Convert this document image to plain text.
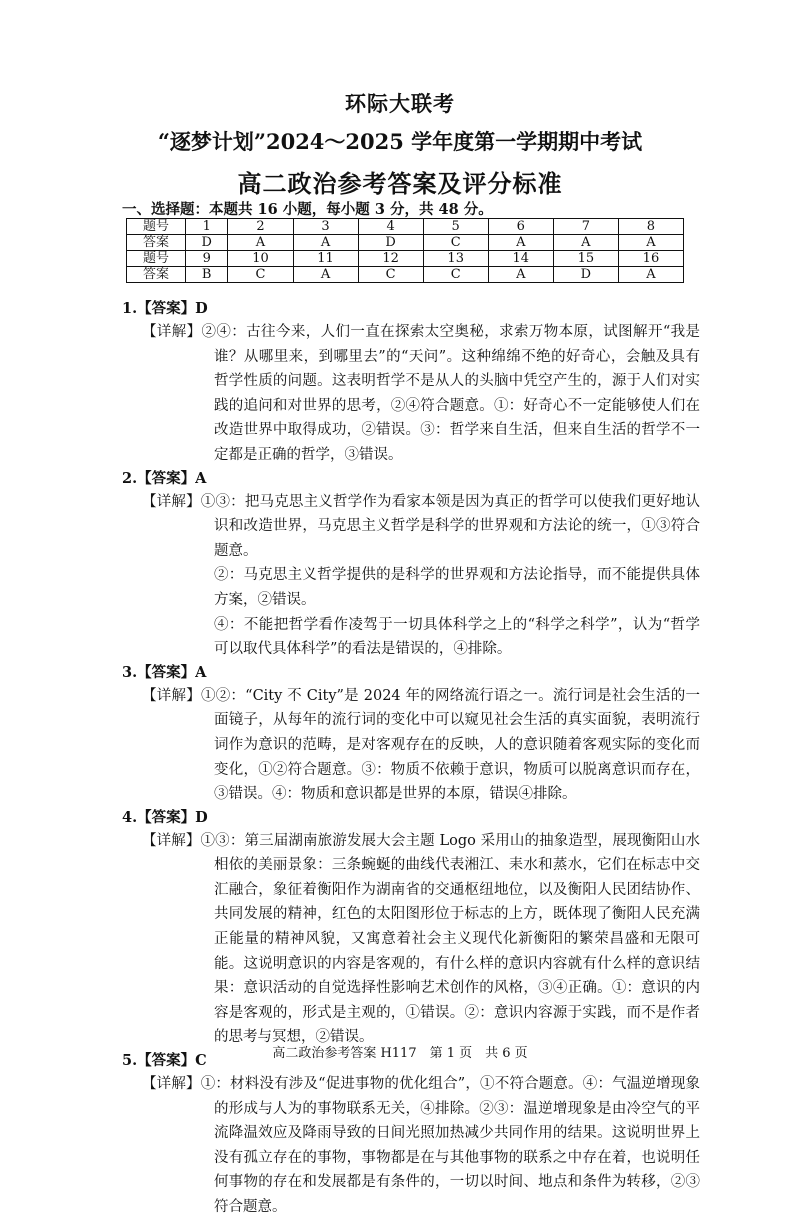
环际大联考
“逐梦计划”2024～2025 学年度第一学期期中考试
高二政治参考答案及评分标准
一、选择题：本题共 16 小题，每小题 3 分，共 48 分。
题号	1	2	3	4	5	6	7	8
答案	D	A	A	D	C	A	A	A
题号	9	10	11	12	13	14	15	16
答案	B	C	A	C	C	A	D	A
1.【答案】D
【详解】②④：古往今来，人们一直在探索太空奥秘，求索万物本原，试图解开“我是谁？从哪里来，到哪里去”的“天问”。这种绵绵不绝的好奇心，会触及具有哲学性质的问题。这表明哲学不是从人的头脑中凭空产生的，源于人们对实践的追问和对世界的思考，②④符合题意。①：好奇心不一定能够使人们在改造世界中取得成功，②错误。③：哲学来自生活，但来自生活的哲学不一定都是正确的哲学，③错误。
2.【答案】A
【详解】①③：把马克思主义哲学作为看家本领是因为真正的哲学可以使我们更好地认识和改造世界，马克思主义哲学是科学的世界观和方法论的统一，①③符合题意。
②：马克思主义哲学提供的是科学的世界观和方法论指导，而不能提供具体方案，②错误。
④：不能把哲学看作凌驾于一切具体科学之上的“科学之科学”，认为“哲学可以取代具体科学”的看法是错误的，④排除。
3.【答案】A
【详解】①②：“City 不 City”是 2024 年的网络流行语之一。流行词是社会生活的一面镜子，从每年的流行词的变化中可以窥见社会生活的真实面貌，表明流行词作为意识的范畴，是对客观存在的反映，人的意识随着客观实际的变化而变化，①②符合题意。③：物质不依赖于意识，物质可以脱离意识而存在，③错误。④：物质和意识都是世界的本原，错误④排除。
4.【答案】D
【详解】①③：第三届湖南旅游发展大会主题 Logo 采用山的抽象造型，展现衡阳山水相依的美丽景象：三条蜿蜒的曲线代表湘江、耒水和蒸水，它们在标志中交汇融合，象征着衡阳作为湖南省的交通枢纽地位，以及衡阳人民团结协作、共同发展的精神，红色的太阳图形位于标志的上方，既体现了衡阳人民充满正能量的精神风貌，又寓意着社会主义现代化新衡阳的繁荣昌盛和无限可能。这说明意识的内容是客观的，有什么样的意识内容就有什么样的意识结果：意识活动的自觉选择性影响艺术创作的风格，③④正确。①：意识的内容是客观的，形式是主观的，①错误。②：意识内容源于实践，而不是作者的思考与冥想，②错误。
5.【答案】C
【详解】①：材料没有涉及“促进事物的优化组合”，①不符合题意。④：气温逆增现象的形成与人为的事物联系无关，④排除。②③：温逆增现象是由冷空气的平流降温效应及降雨导致的日间光照加热减少共同作用的结果。这说明世界上没有孤立存在的事物，事物都是在与其他事物的联系之中存在着，也说明任何事物的存在和发展都是有条件的，一切以时间、地点和条件为转移，②③符合题意。
高二政治参考答案 H117　第 1 页　共 6 页
